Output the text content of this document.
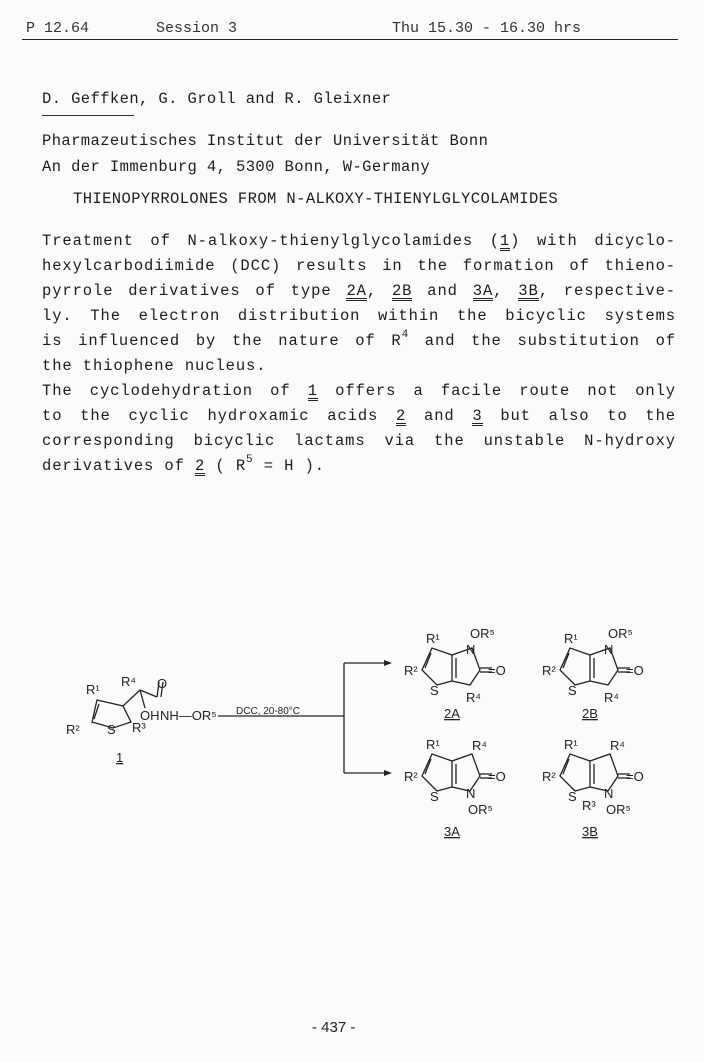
P 12.64	Session 3	Thu 15.30 - 16.30 hrs
D. Geffken, G. Groll and R. Gleixner
Pharmazeutisches Institut der Universität Bonn
An der Immenburg 4, 5300 Bonn, W-Germany
THIENOPYRROLONES FROM N-ALKOXY-THIENYLGLYCOLAMIDES
Treatment of N-alkoxy-thienylglycolamides (1) with dicyclo-
hexylcarbodiimide (DCC) results in the formation of thieno-
pyrrole derivatives of type 2A, 2B and 3A, 3B, respective-
ly. The electron distribution within the bicyclic systems
is influenced by the nature of $R^4$ and the substitution of
the thiophene nucleus.
The cyclodehydration of 1 offers a facile route not only
to the cyclic hydroxamic acids 2 and 3 but also to the
corresponding bicyclic lactams via the unstable N-hydroxy
derivatives of 2 ( $R^5 = H$ ).
R¹
R² S R³
R⁴ O
OH NH—OR⁵
1
DCC, 20-80°C
R¹
R²
S
=O
N
OR⁵
R⁴
2A
R¹
R²
S
=O
N
OR⁵
R⁴
2B
R¹
R²
S
=O
N
OR⁵
R⁴
3A
R¹
R²
S
=O
N
OR⁵
R⁴
R³
3B
- 437 -
